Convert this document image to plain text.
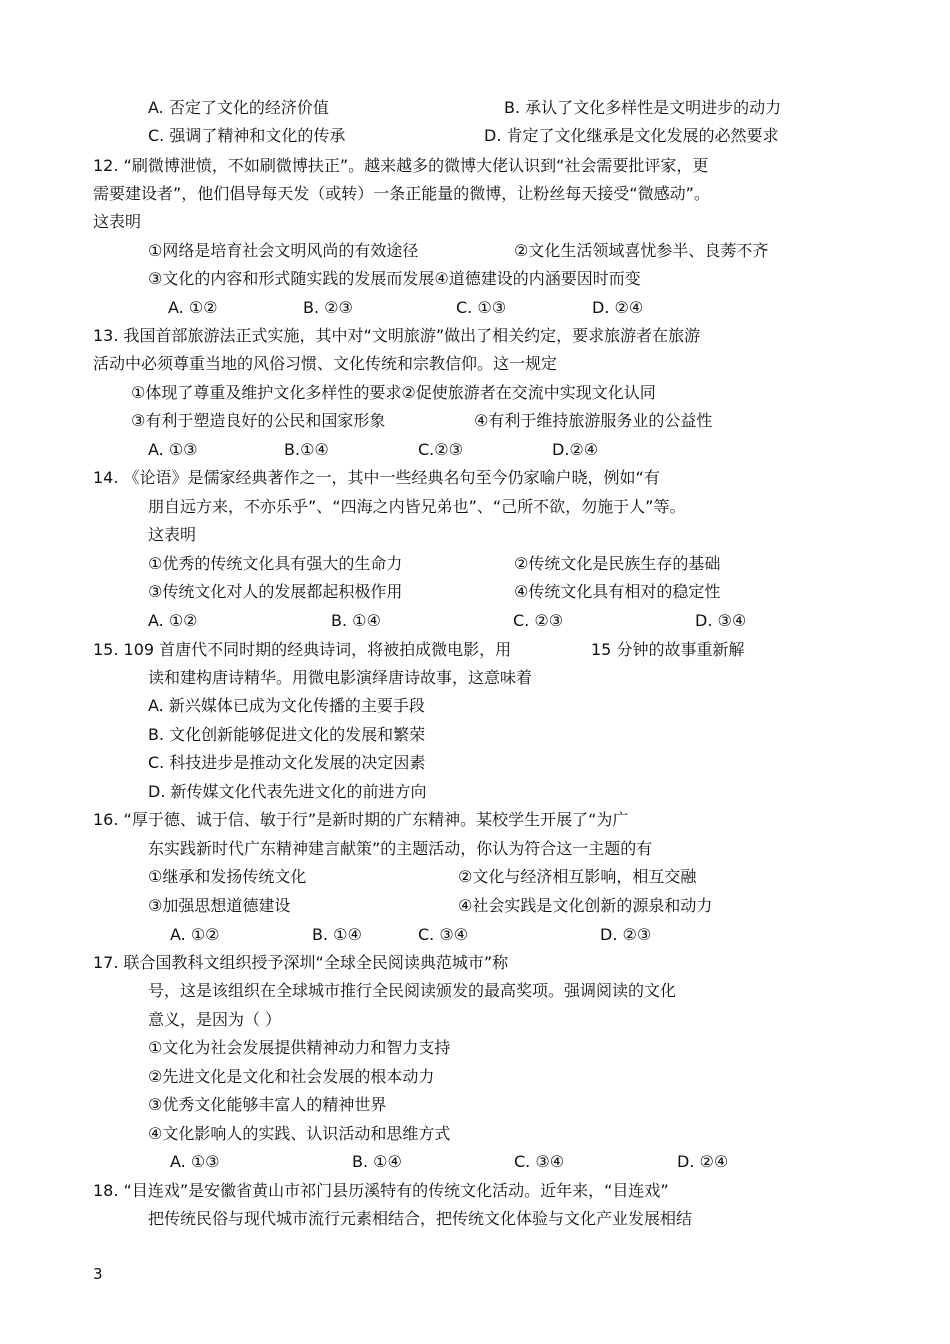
A. 否定了文化的经济价值	B. 承认了文化多样性是文明进步的动力
C. 强调了精神和文化的传承	D. 肯定了文化继承是文化发展的必然要求
12. “刷微博泄愤，不如刷微博扶正”。越来越多的微博大佬认识到“社会需要批评家，更
需要建设者”，他们倡导每天发（或转）一条正能量的微博，让粉丝每天接受“微感动”。
这表明
①网络是培育社会文明风尚的有效途径	②文化生活领域喜忧参半、良莠不齐
③文化的内容和形式随实践的发展而发展④道德建设的内涵要因时而变
A. ①②	B. ②③	C. ①③	D. ②④
13. 我国首部旅游法正式实施，其中对“文明旅游”做出了相关约定，要求旅游者在旅游
活动中必须尊重当地的风俗习惯、文化传统和宗教信仰。这一规定
①体现了尊重及维护文化多样性的要求②促使旅游者在交流中实现文化认同
③有利于塑造良好的公民和国家形象	④有利于维持旅游服务业的公益性
A. ①③	B.①④	C.②③	D.②④
14. 《论语》是儒家经典著作之一，其中一些经典名句至今仍家喻户晓，例如“有
朋自远方来，不亦乐乎”、“四海之内皆兄弟也”、“己所不欲，勿施于人”等。
这表明
①优秀的传统文化具有强大的生命力	②传统文化是民族生存的基础
③传统文化对人的发展都起积极作用	④传统文化具有相对的稳定性
A. ①②	B. ①④	C. ②③	D. ③④
15. 109 首唐代不同时期的经典诗词，将被拍成微电影，用	15 分钟的故事重新解
读和建构唐诗精华。用微电影演绎唐诗故事，这意味着
A. 新兴媒体已成为文化传播的主要手段
B. 文化创新能够促进文化的发展和繁荣
C. 科技进步是推动文化发展的决定因素
D. 新传媒文化代表先进文化的前进方向
16. “厚于德、诚于信、敏于行”是新时期的广东精神。某校学生开展了“为广
东实践新时代广东精神建言献策”的主题活动，你认为符合这一主题的有
①继承和发扬传统文化	②文化与经济相互影响，相互交融
③加强思想道德建设	④社会实践是文化创新的源泉和动力
A. ①②	B. ①④	C. ③④	D. ②③
17. 联合国教科文组织授予深圳“全球全民阅读典范城市”称
号，这是该组织在全球城市推行全民阅读颁发的最高奖项。强调阅读的文化
意义，是因为（ ）
①文化为社会发展提供精神动力和智力支持
②先进文化是文化和社会发展的根本动力
③优秀文化能够丰富人的精神世界
④文化影响人的实践、认识活动和思维方式
A. ①③	B. ①④	C. ③④	D. ②④
18. “目连戏”是安徽省黄山市祁门县历溪特有的传统文化活动。近年来，“目连戏”
把传统民俗与现代城市流行元素相结合，把传统文化体验与文化产业发展相结
3
